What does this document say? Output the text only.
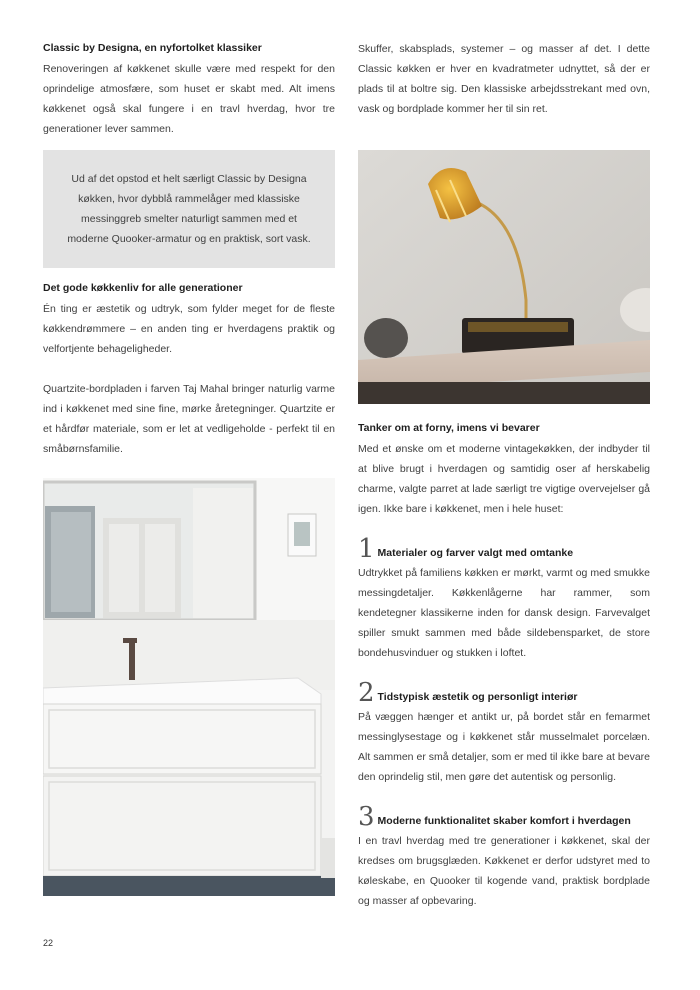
Classic by Designa, en nyfortolket klassiker
Renoveringen af køkkenet skulle være med respekt for den oprindelige atmosfære, som huset er skabt med. Alt imens køkkenet også skal fungere i en travl hverdag, hvor tre generationer lever sammen.
Ud af det opstod et helt særligt Classic by Designa køkken, hvor dybblå rammelåger med klassiske messinggreb smelter naturligt sammen med et moderne Quooker-armatur og en praktisk, sort vask.
Det gode køkkenliv for alle generationer
Én ting er æstetik og udtryk, som fylder meget for de fleste køkkendrømmere – en anden ting er hverdagens praktik og velfortjente behageligheder.
Quartzite-bordpladen i farven Taj Mahal bringer naturlig varme ind i køkkenet med sine fine, mørke åretegninger. Quartzite er et hårdfør materiale, som er let at vedligeholde - perfekt til en småbørnsfamilie.
22
Skuffer, skabsplads, systemer – og masser af det. I dette Classic køkken er hver en kvadratmeter udnyttet, så der er plads til at boltre sig. Den klassiske arbejdsstrekant med ovn, vask og bordplade kommer her til sin ret.
Tanker om at forny, imens vi bevarer
Med et ønske om et moderne vintagekøkken, der indbyder til at blive brugt i hverdagen og samtidig oser af herskabelig charme, valgte parret at lade særligt tre vigtige overvejelser gå igen. Ikke bare i køkkenet, men i hele huset:
1 Materialer og farver valgt med omtanke
Udtrykket på familiens køkken er mørkt, varmt og med smukke messingdetaljer. Køkkenlågerne har rammer, som kendetegner klassikerne inden for dansk design. Farvevalget spiller smukt sammen med både sildebensparket, de store bondehusvinduer og stukken i loftet.
2 Tidstypisk æstetik og personligt interiør
På væggen hænger et antikt ur, på bordet står en femarmet messinglysestage og i køkkenet står musselmalet porcelæn. Alt sammen er små detaljer, som er med til ikke bare at bevare den oprindelig stil, men gøre det autentisk og personlig.
3 Moderne funktionalitet skaber komfort i hverdagen
I en travl hverdag med tre generationer i køkkenet, skal der kredses om brugsglæden. Køkkenet er derfor udstyret med to køleskabe, en Quooker til kogende vand, praktisk bordplade og masser af opbevaring.
